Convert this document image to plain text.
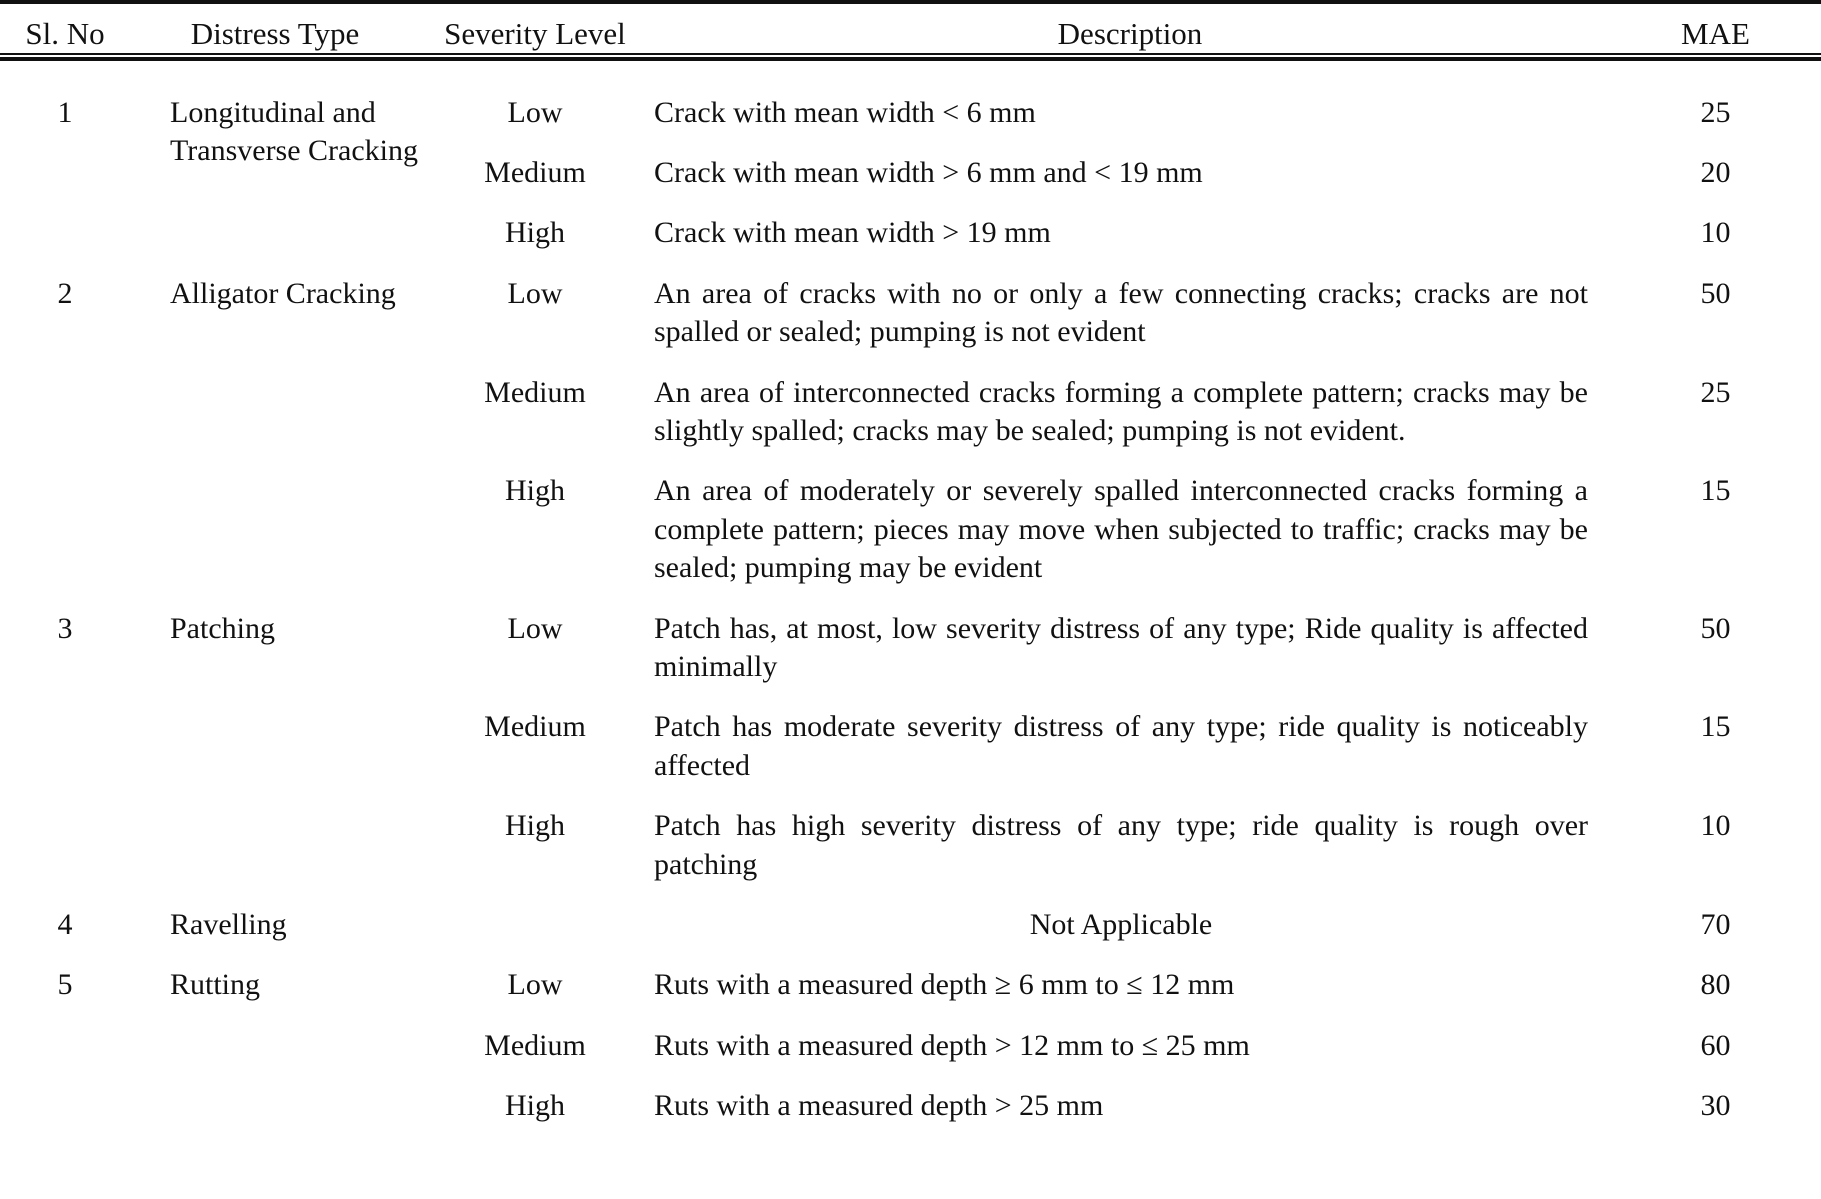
Sl. No	Distress Type	Severity Level	Description	MAE
1	Longitudinal and Transverse Cracking	Low	Crack with mean width < 6 mm	25
		Medium	Crack with mean width > 6 mm and < 19 mm	20
		High	Crack with mean width > 19 mm	10
2	Alligator Cracking	Low	An area of cracks with no or only a few connecting cracks; cracks are not spalled or sealed; pumping is not evident	50
		Medium	An area of interconnected cracks forming a complete pattern; cracks may be slightly spalled; cracks may be sealed; pumping is not evident.	25
		High	An area of moderately or severely spalled interconnected cracks forming a complete pattern; pieces may move when subjected to traffic; cracks may be sealed; pumping may be evident	15
3	Patching	Low	Patch has, at most, low severity distress of any type; Ride quality is affected minimally	50
		Medium	Patch has moderate severity distress of any type; ride quality is noticeably affected	15
		High	Patch has high severity distress of any type; ride quality is rough over patching	10
4	Ravelling		Not Applicable	70
5	Rutting	Low	Ruts with a measured depth ≥ 6 mm to ≤ 12 mm	80
		Medium	Ruts with a measured depth > 12 mm to ≤ 25 mm	60
		High	Ruts with a measured depth > 25 mm	30
